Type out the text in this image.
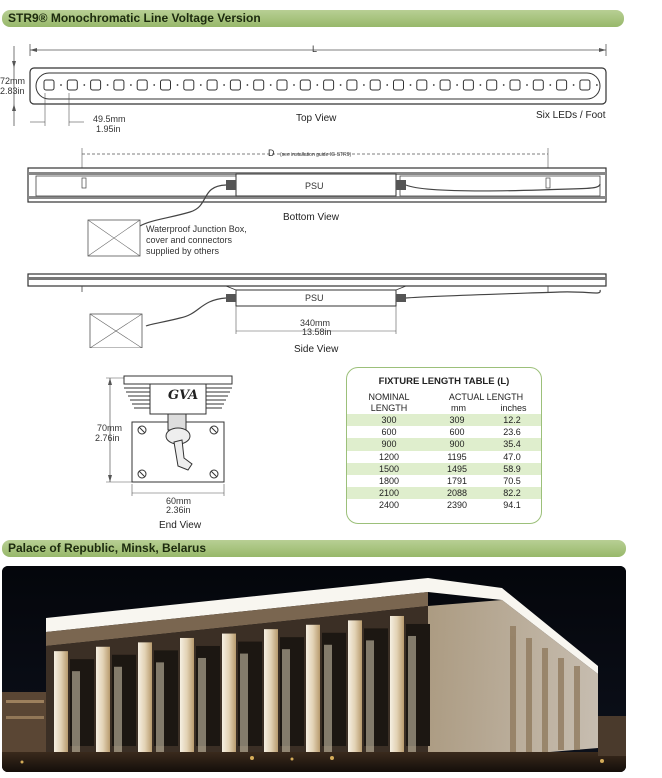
STR9® Monochromatic Line Voltage Version
L
72mm
2.83in
49.5mm
1.95in
Top View	Six LEDs / Foot
D (see installation guide IG-STR9)
PSU
Bottom View
Waterproof Junction Box,
cover and connectors
supplied by others
PSU
340mm
13.58in
Side View
GVA
70mm
2.76in
60mm
2.36in
End View
FIXTURE LENGTH TABLE (L)
NOMINAL
LENGTH
ACTUAL LENGTH
mm	inches
300	309	12.2
600	600	23.6
900	900	35.4
1200	1195	47.0
1500	1495	58.9
1800	1791	70.5
2100	2088	82.2
2400	2390	94.1
Palace of Republic, Minsk, Belarus
